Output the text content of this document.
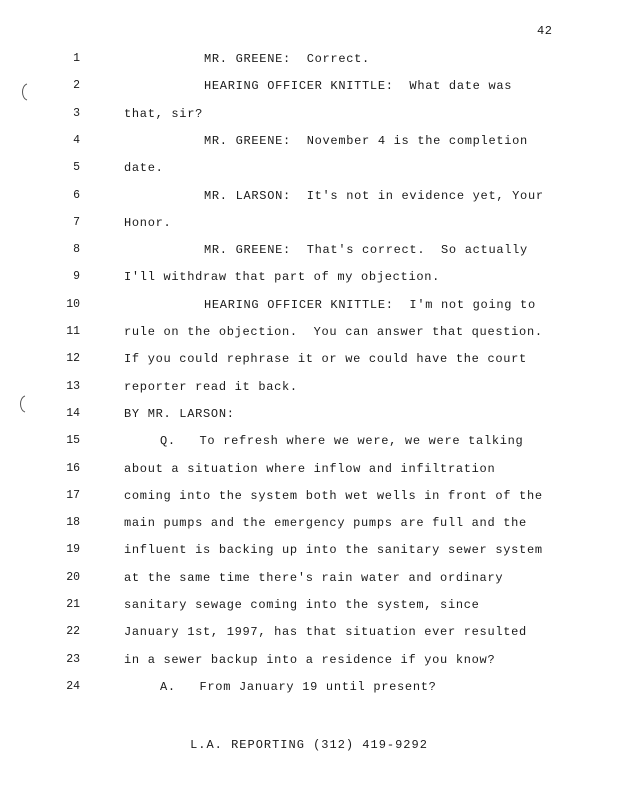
42
1	MR. GREENE:  Correct.
2	HEARING OFFICER KNITTLE:  What date was
3	that, sir?
4	MR. GREENE:  November 4 is the completion
5	date.
6	MR. LARSON:  It's not in evidence yet, Your
7	Honor.
8	MR. GREENE:  That's correct.  So actually
9	I'll withdraw that part of my objection.
10	HEARING OFFICER KNITTLE:  I'm not going to
11	rule on the objection.  You can answer that question.
12	If you could rephrase it or we could have the court
13	reporter read it back.
14	BY MR. LARSON:
15	Q.   To refresh where we were, we were talking
16	about a situation where inflow and infiltration
17	coming into the system both wet wells in front of the
18	main pumps and the emergency pumps are full and the
19	influent is backing up into the sanitary sewer system
20	at the same time there's rain water and ordinary
21	sanitary sewage coming into the system, since
22	January 1st, 1997, has that situation ever resulted
23	in a sewer backup into a residence if you know?
24	A.   From January 19 until present?
L.A. REPORTING (312) 419-9292
